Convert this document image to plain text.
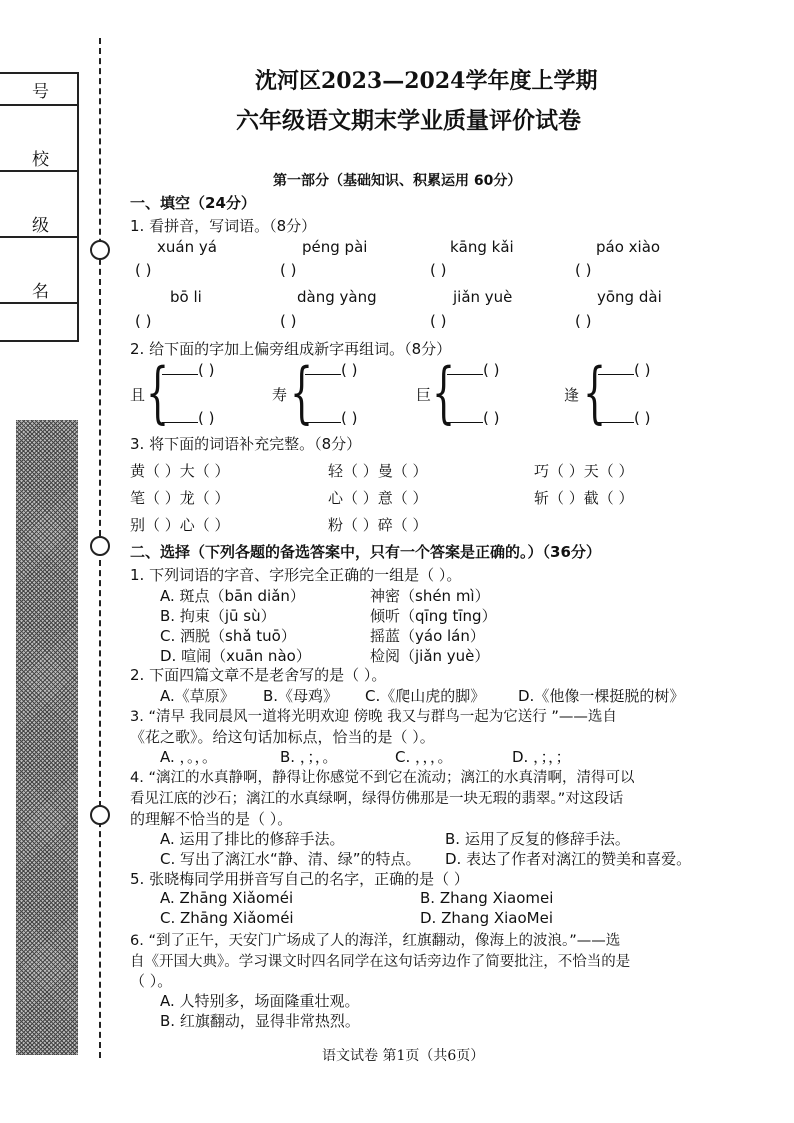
号
校
级
名
沈河区2023—2024学年度上学期
六年级语文期末学业质量评价试卷
第一部分（基础知识、积累运用 60分）
一、填空（24分）
1. 看拼音，写词语。（8分）
xuán yá	péng pài	kāng kǎi	páo xiào
( )	( )	( )	( )
bō li	dàng yàng	jiǎn yuè	yōng dài
( )	( )	( )	( )
2. 给下面的字加上偏旁组成新字再组词。（8分）
且 {	( )
( )
寿 {	( )
( )
巨 {	( )
( )
逢 {	( )
( )
3. 将下面的词语补充完整。（8分）
黄（ ）大（ ）	轻（ ）曼（ ）	巧（ ）天（ ）
笔（ ）龙（ ）	心（ ）意（ ）	斩（ ）截（ ）
别（ ）心（ ）	粉（ ）碎（ ）
二、选择（下列各题的备选答案中，只有一个答案是正确的。）（36分）
1. 下列词语的字音、字形完全正确的一组是（ ）。
A. 斑点（bān diǎn）	神密（shén mì）
B. 拘束（jū sù）	倾听（qīng tīng）
C. 洒脱（shǎ tuō）	摇蓝（yáo lán）
D. 喧闹（xuān nào）	检阅（jiǎn yuè）
2. 下面四篇文章不是老舍写的是（ ）。
A.《草原》 B.《母鸡》 C.《爬山虎的脚》 D.《他像一棵挺脱的树》
3. “清早 我同晨风一道将光明欢迎 傍晚 我又与群鸟一起为它送行 ”——选自
《花之歌》。给这句话加标点，恰当的是（ ）。
A. ，。，。	B. ，；，。	C. ，，，。	D. ，；，；
4. “漓江的水真静啊，静得让你感觉不到它在流动；漓江的水真清啊，清得可以
看见江底的沙石；漓江的水真绿啊，绿得仿佛那是一块无瑕的翡翠。”对这段话
的理解不恰当的是（ ）。
A. 运用了排比的修辞手法。	B. 运用了反复的修辞手法。
C. 写出了漓江水“静、清、绿”的特点。 D. 表达了作者对漓江的赞美和喜爱。
5. 张晓梅同学用拼音写自己的名字，正确的是（ ）
A. Zhāng Xiǎoméi	B. Zhang Xiaomei
C. Zhāng Xiǎoméi	D. Zhang XiaoMei
6. “到了正午，天安门广场成了人的海洋，红旗翻动，像海上的波浪。”——选
自《开国大典》。学习课文时四名同学在这句话旁边作了简要批注，不恰当的是
（ ）。
A. 人特别多，场面隆重壮观。
B. 红旗翻动，显得非常热烈。
语文试卷 第1页（共6页）
